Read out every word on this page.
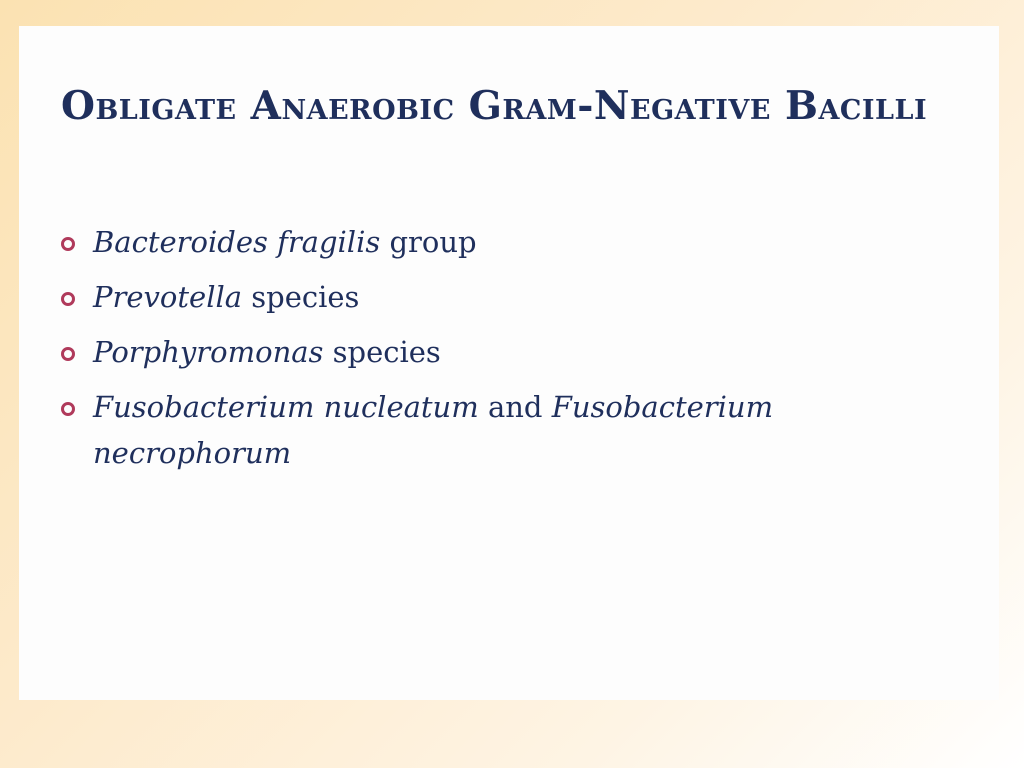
Obligate Anaerobic Gram-Negative Bacilli
Bacteroides fragilis group
Prevotella species
Porphyromonas species
Fusobacterium nucleatum and Fusobacterium necrophorum
